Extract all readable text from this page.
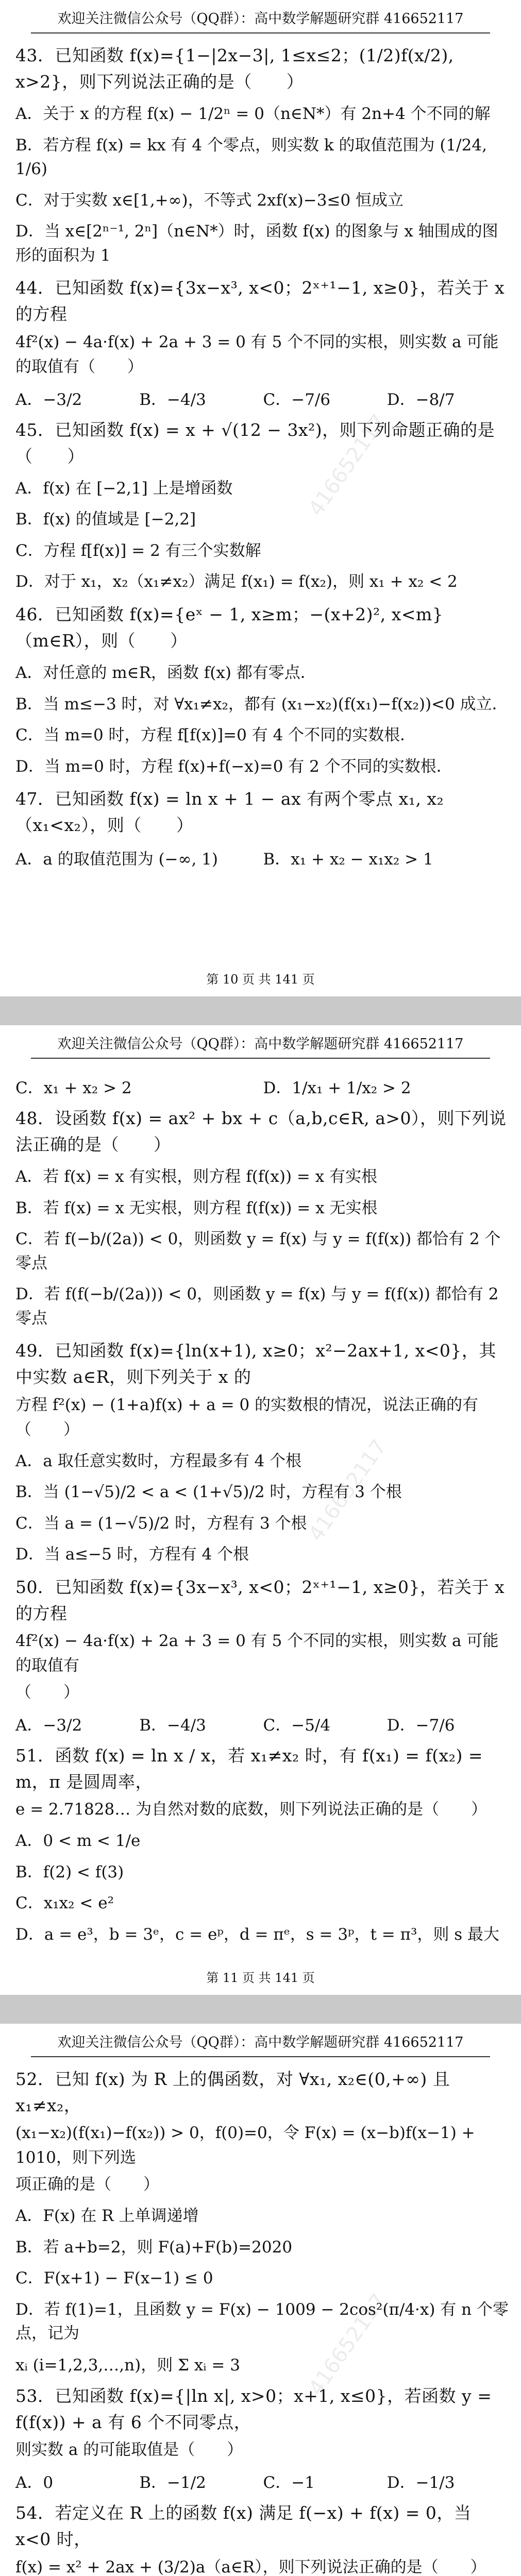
欢迎关注微信公众号（QQ群）：高中数学解题研究群 416652117
416652117
43．已知函数 f(x)={1−|2x−3|, 1≤x≤2；(1/2)f(x/2), x>2}，则下列说法正确的是（　　）
A．关于 x 的方程 f(x) − 1/2ⁿ = 0（n∈N*）有 2n+4 个不同的解
B．若方程 f(x) = kx 有 4 个零点，则实数 k 的取值范围为 (1/24, 1/6)
C．对于实数 x∈[1,+∞)，不等式 2xf(x)−3≤0 恒成立
D．当 x∈[2ⁿ⁻¹, 2ⁿ]（n∈N*）时，函数 f(x) 的图象与 x 轴围成的图形的面积为 1
44．已知函数 f(x)={3x−x³, x<0；2ˣ⁺¹−1, x≥0}，若关于 x 的方程
4f²(x) − 4a·f(x) + 2a + 3 = 0 有 5 个不同的实根，则实数 a 可能的取值有（　　）
A．−3/2	B．−4/3	C．−7/6	D．−8/7
45．已知函数 f(x) = x + √(12 − 3x²)，则下列命题正确的是（　　）
A．f(x) 在 [−2,1] 上是增函数
B．f(x) 的值域是 [−2,2]
C．方程 f[f(x)] = 2 有三个实数解
D．对于 x₁，x₂（x₁≠x₂）满足 f(x₁) = f(x₂)，则 x₁ + x₂ < 2
46．已知函数 f(x)={eˣ − 1, x≥m；−(x+2)², x<m}（m∈R），则（　　）
A．对任意的 m∈R，函数 f(x) 都有零点．
B．当 m≤−3 时，对 ∀x₁≠x₂，都有 (x₁−x₂)(f(x₁)−f(x₂))<0 成立．
C．当 m=0 时，方程 f[f(x)]=0 有 4 个不同的实数根．
D．当 m=0 时，方程 f(x)+f(−x)=0 有 2 个不同的实数根．
47．已知函数 f(x) = ln x + 1 − ax 有两个零点 x₁, x₂（x₁<x₂），则（　　）
A．a 的取值范围为 (−∞, 1)	B．x₁ + x₂ − x₁x₂ > 1
第 10 页 共 141 页
欢迎关注微信公众号（QQ群）：高中数学解题研究群 416652117
416652117
C．x₁ + x₂ > 2	D．1/x₁ + 1/x₂ > 2
48．设函数 f(x) = ax² + bx + c（a,b,c∈R, a>0），则下列说法正确的是（　　）
A．若 f(x) = x 有实根，则方程 f(f(x)) = x 有实根
B．若 f(x) = x 无实根，则方程 f(f(x)) = x 无实根
C．若 f(−b/(2a)) < 0，则函数 y = f(x) 与 y = f(f(x)) 都恰有 2 个零点
D．若 f(f(−b/(2a))) < 0，则函数 y = f(x) 与 y = f(f(x)) 都恰有 2 零点
49．已知函数 f(x)={ln(x+1), x≥0；x²−2ax+1, x<0}，其中实数 a∈R，则下列关于 x 的
方程 f²(x) − (1+a)f(x) + a = 0 的实数根的情况，说法正确的有（　　）
A．a 取任意实数时，方程最多有 4 个根
B．当 (1−√5)/2 < a < (1+√5)/2 时，方程有 3 个根
C．当 a = (1−√5)/2 时，方程有 3 个根
D．当 a≤−5 时，方程有 4 个根
50．已知函数 f(x)={3x−x³, x<0；2ˣ⁺¹−1, x≥0}，若关于 x 的方程
4f²(x) − 4a·f(x) + 2a + 3 = 0 有 5 个不同的实根，则实数 a 可能的取值有
（　　）
A．−3/2	B．−4/3	C．−5/4	D．−7/6
51．函数 f(x) = ln x / x，若 x₁≠x₂ 时，有 f(x₁) = f(x₂) = m，π 是圆周率，
e = 2.71828… 为自然对数的底数，则下列说法正确的是（　　）
A．0 < m < 1/e
B．f(2) < f(3)
C．x₁x₂ < e²
D．a = e³，b = 3ᵉ，c = eᵖ，d = πᵉ，s = 3ᵖ，t = π³，则 s 最大
第 11 页 共 141 页
欢迎关注微信公众号（QQ群）：高中数学解题研究群 416652117
416652117
52．已知 f(x) 为 R 上的偶函数，对 ∀x₁, x₂∈(0,+∞) 且 x₁≠x₂，
(x₁−x₂)(f(x₁)−f(x₂)) > 0，f(0)=0，令 F(x) = (x−b)f(x−1) + 1010，则下列选
项正确的是（　　）
A．F(x) 在 R 上单调递增
B．若 a+b=2，则 F(a)+F(b)=2020
C．F(x+1) − F(x−1) ≤ 0
D．若 f(1)=1，且函数 y = F(x) − 1009 − 2cos²(π/4·x) 有 n 个零点，记为
xᵢ (i=1,2,3,…,n)，则 Σ xᵢ = 3
53．已知函数 f(x)={|ln x|, x>0；x+1, x≤0}，若函数 y = f(f(x)) + a 有 6 个不同零点，
则实数 a 的可能取值是（　　）
A．0	B．−1/2	C．−1	D．−1/3
54．若定义在 R 上的函数 f(x) 满足 f(−x) + f(x) = 0，当 x<0 时，
f(x) = x² + 2ax + (3/2)a（a∈R），则下列说法正确的是（　　）
